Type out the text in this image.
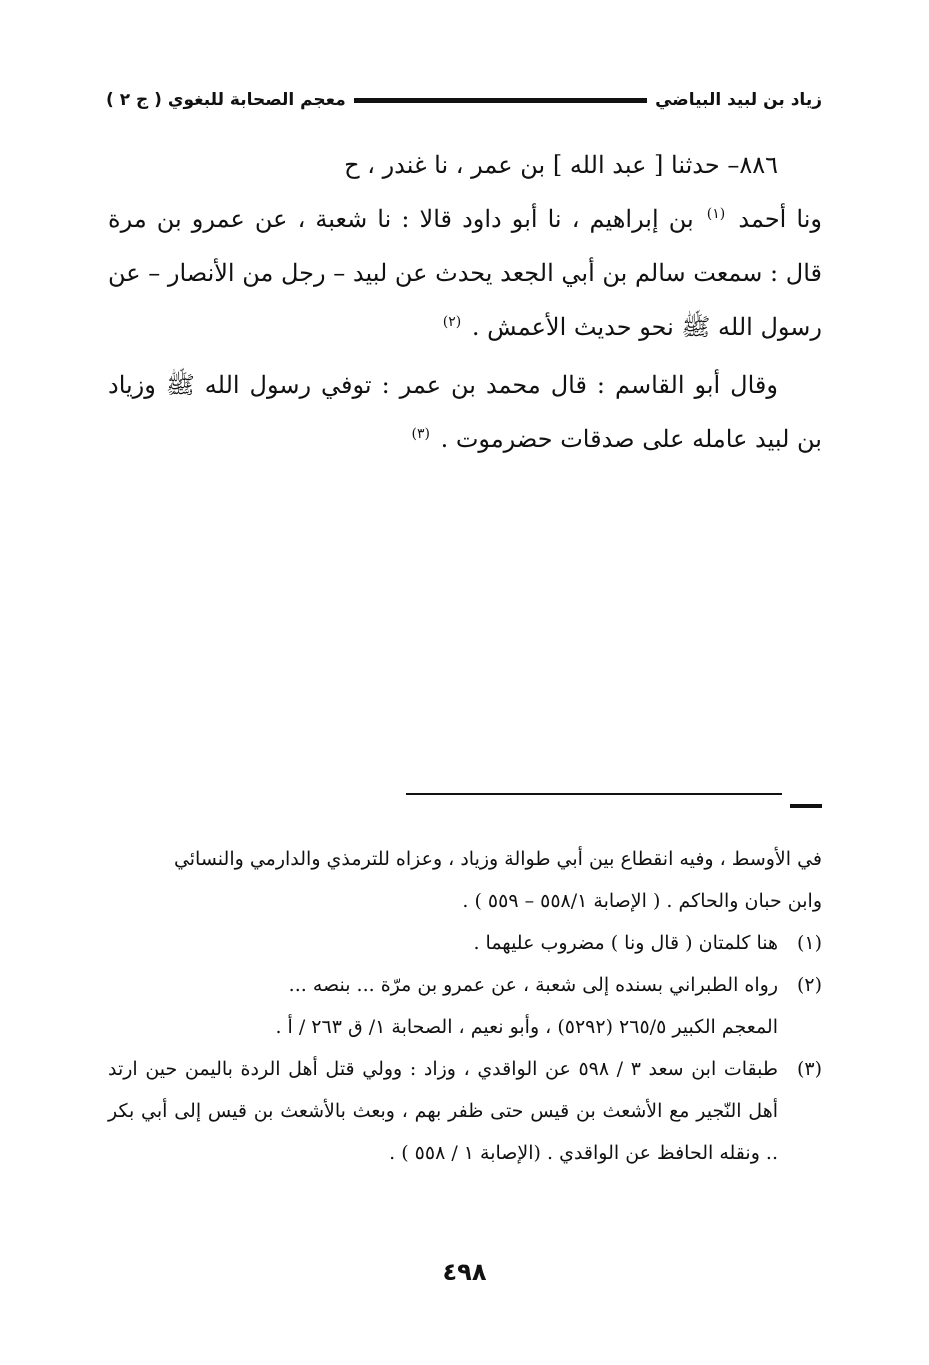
زياد بن لبيد البياضي
معجم الصحابة للبغوي ( ج ٢ )

٨٨٦– حدثنا [ عبد الله ] بن عمر ، نا غندر ، ح

ونا أحمد $^{(١)}$ بن إبراهيم ، نا أبو داود قالا : نا شعبة ، عن عمرو بن مرة قال : سمعت سالم بن أبي الجعد يحدث عن لبيد – رجل من الأنصار – عن رسول الله ﷺ نحو حديث الأعمش . $^{(٢)}$

وقال أبو القاسم : قال محمد بن عمر : توفي رسول الله ﷺ وزياد بن لبيد عامله على صدقات حضرموت . $^{(٣)}$

في الأوسط ، وفيه انقطاع بين أبي طوالة وزياد ، وعزاه للترمذي والدارمي والنسائي

وابن حبان والحاكم . ( الإصابة ٥٥٨/١ – ٥٥٩ ) .

(١)
هنا كلمتان ( قال ونا ) مضروب عليهما .
(٢)
رواه الطبراني بسنده إلى شعبة ، عن عمرو بن مرّة ... بنصه ...
المعجم الكبير ٢٦٥/٥ (٥٢٩٢) ، وأبو نعيم ، الصحابة ١/ ق ٢٦٣ / أ .
(٣)
طبقات ابن سعد ٣ / ٥٩٨ عن الواقدي ، وزاد : وولي قتل أهل الردة باليمن حين ارتد أهل النّجير مع الأشعث بن قيس حتى ظفر بهم ، وبعث بالأشعث بن قيس إلى أبي بكر .. ونقله الحافظ عن الواقدي . (الإصابة ١ / ٥٥٨ ) .
٤٩٨
